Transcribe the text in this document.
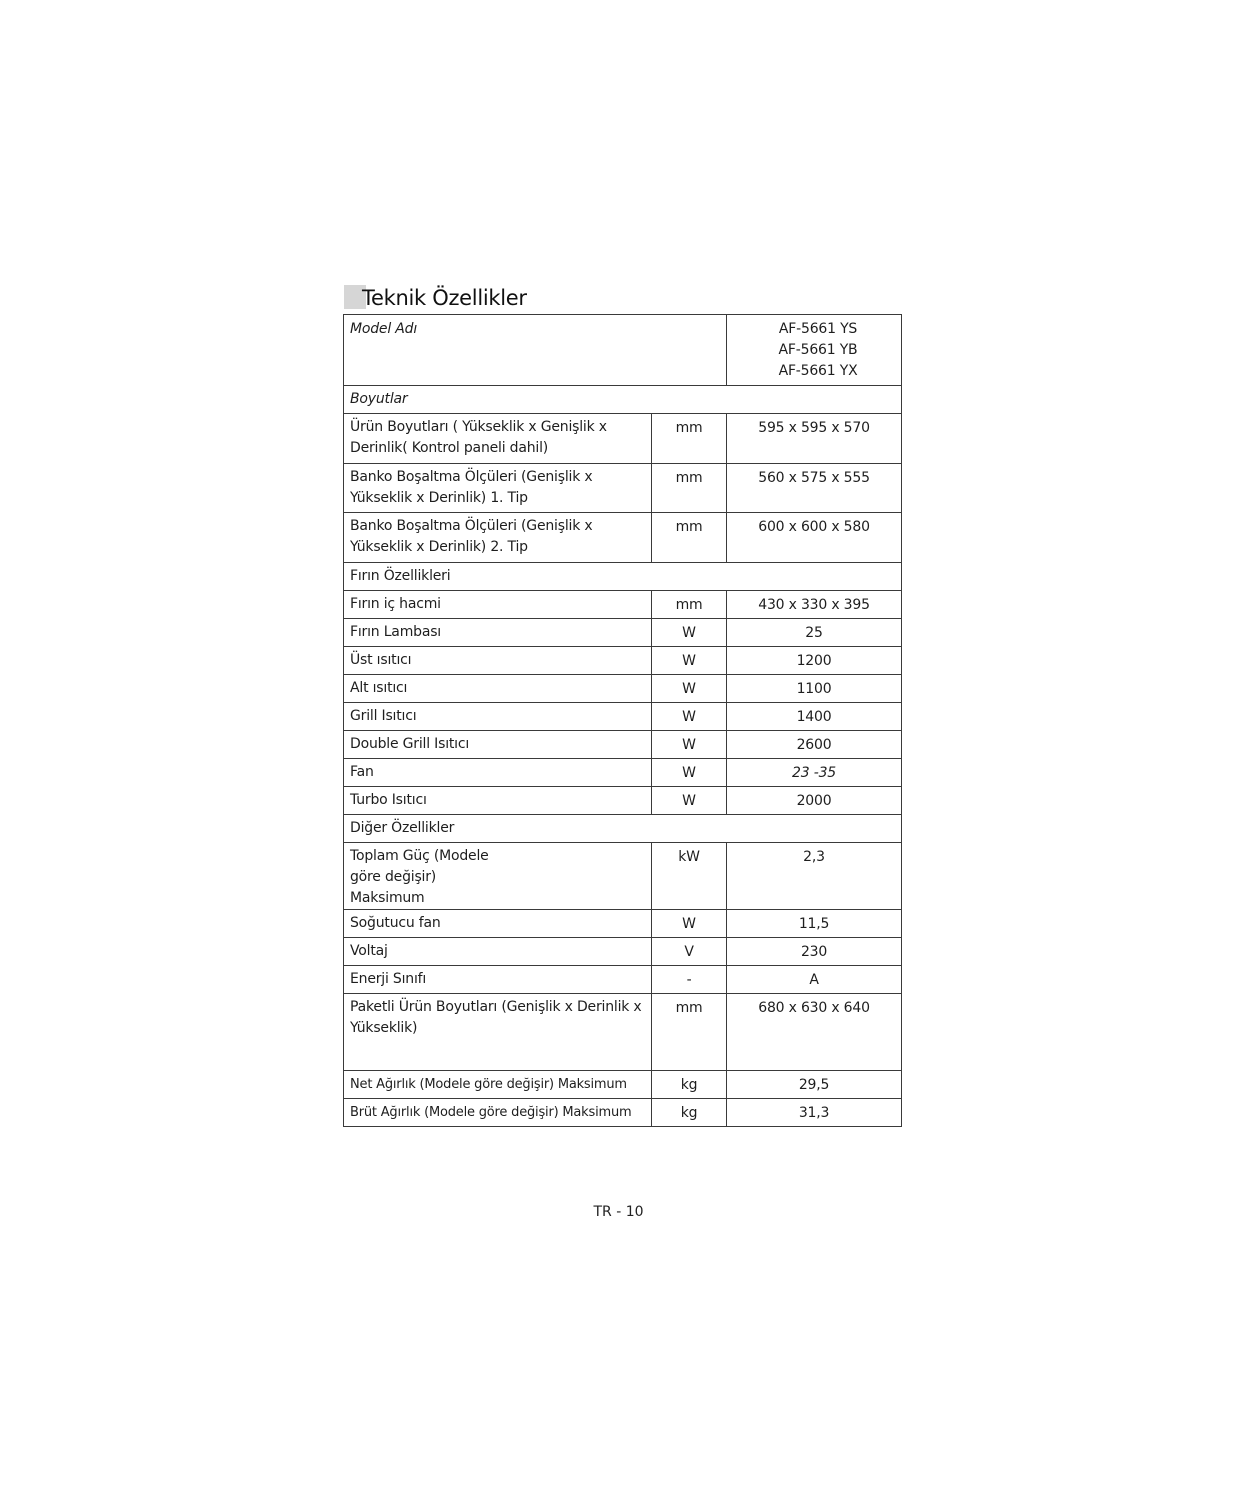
Teknik Özellikler
Model Adı		AF-5661 YS
AF-5661 YB
AF-5661 YX

Boyutlar		
Ürün Boyutları ( Yükseklik x Genişlik x Derinlik( Kontrol paneli dahil)	mm	595 x 595 x 570
Banko Boşaltma Ölçüleri (Genişlik x Yükseklik x Derinlik) 1. Tip	mm	560 x 575 x 555
Banko Boşaltma Ölçüleri (Genişlik x Yükseklik x Derinlik) 2. Tip	mm	600 x 600 x 580
Fırın Özellikleri		
Fırın iç hacmi	mm	430 x 330 x 395
Fırın Lambası	W	25
Üst ısıtıcı	W	1200
Alt ısıtıcı	W	1100
Grill Isıtıcı	W	1400
Double Grill Isıtıcı	W	2600
Fan	W	23 -35
Turbo Isıtıcı	W	2000
Diğer Özellikler		
Toplam Güç (Modele göre değişir) Maksimum	kW	2,3
Soğutucu fan	W	11,5
Voltaj	V	230
Enerji Sınıfı	-	A
Paketli Ürün Boyutları (Genişlik x Derinlik x Yükseklik)	mm	680 x 630 x 640
Net Ağırlık (Modele göre değişir) Maksimum	kg	29,5
Brüt Ağırlık (Modele göre değişir) Maksimum	kg	31,3
TR - 10
